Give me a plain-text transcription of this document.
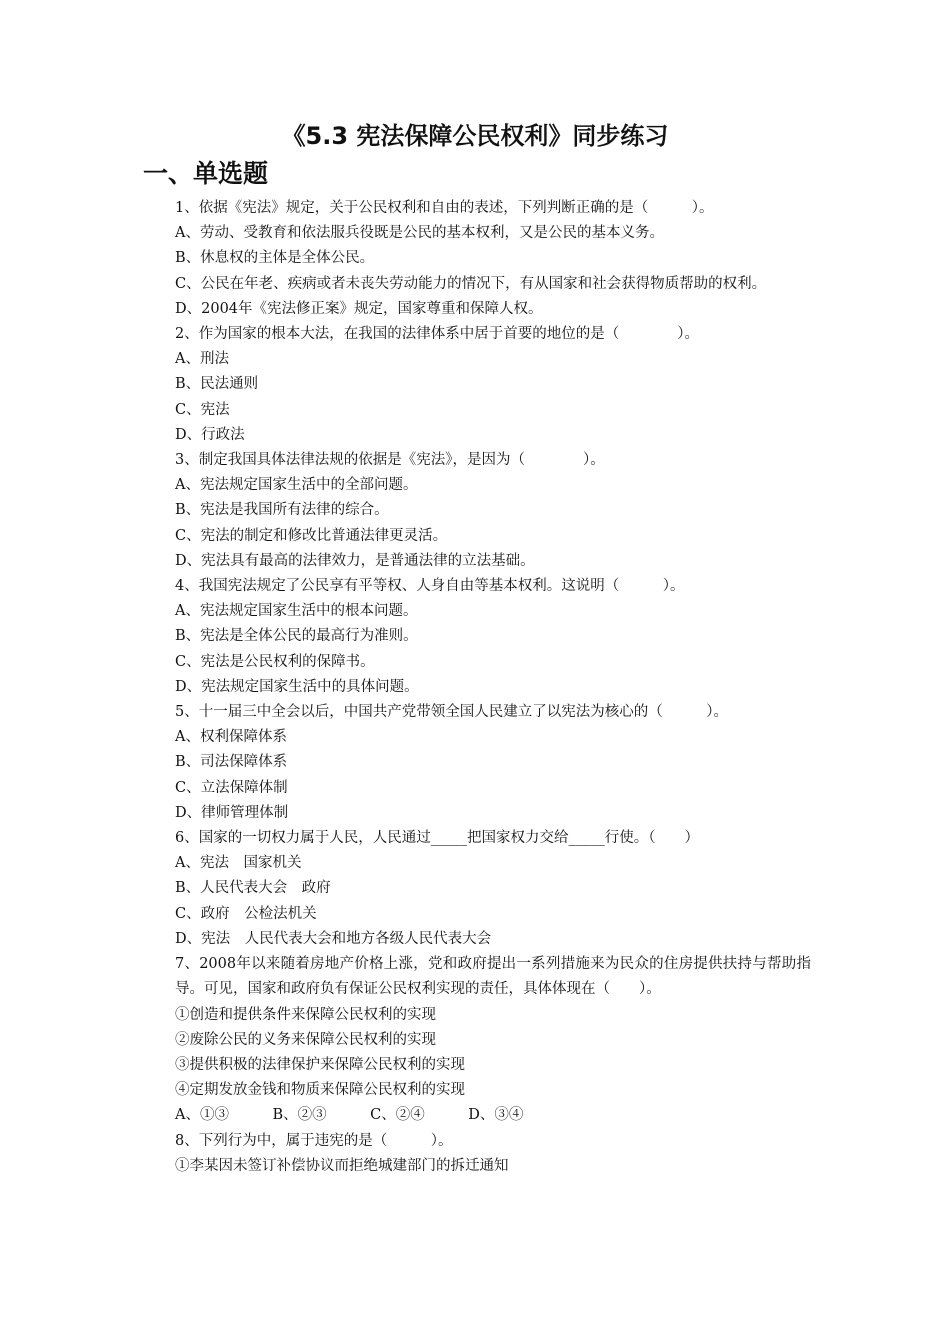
《5.3 宪法保障公民权利》同步练习
一、单选题
1、依据《宪法》规定，关于公民权利和自由的表述，下列判断正确的是（　　　）。
A、劳动、受教育和依法服兵役既是公民的基本权利，又是公民的基本义务。
B、休息权的主体是全体公民。
C、公民在年老、疾病或者未丧失劳动能力的情况下，有从国家和社会获得物质帮助的权利。
D、2004年《宪法修正案》规定，国家尊重和保障人权。
2、作为国家的根本大法，在我国的法律体系中居于首要的地位的是（　　　　）。
A、刑法
B、民法通则
C、宪法
D、行政法
3、制定我国具体法律法规的依据是《宪法》，是因为（　　　　）。
A、宪法规定国家生活中的全部问题。
B、宪法是我国所有法律的综合。
C、宪法的制定和修改比普通法律更灵活。
D、宪法具有最高的法律效力，是普通法律的立法基础。
4、我国宪法规定了公民享有平等权、人身自由等基本权利。这说明（　　　）。
A、宪法规定国家生活中的根本问题。
B、宪法是全体公民的最高行为准则。
C、宪法是公民权利的保障书。
D、宪法规定国家生活中的具体问题。
5、十一届三中全会以后，中国共产党带领全国人民建立了以宪法为核心的（　　　）。
A、权利保障体系
B、司法保障体系
C、立法保障体制
D、律师管理体制
6、国家的一切权力属于人民，人民通过_____把国家权力交给_____行使。（　　）
A、宪法　国家机关
B、人民代表大会　政府
C、政府　公检法机关
D、宪法　人民代表大会和地方各级人民代表大会
7、2008年以来随着房地产价格上涨，党和政府提出一系列措施来为民众的住房提供扶持与帮助指导。可见，国家和政府负有保证公民权利实现的责任，具体体现在（　　）。
①创造和提供条件来保障公民权利的实现
②废除公民的义务来保障公民权利的实现
③提供积极的法律保护来保障公民权利的实现
④定期发放金钱和物质来保障公民权利的实现
A、①③　　　B、②③　　　C、②④　　　D、③④
8、下列行为中，属于违宪的是（　　　）。
①李某因未签订补偿协议而拒绝城建部门的拆迁通知
